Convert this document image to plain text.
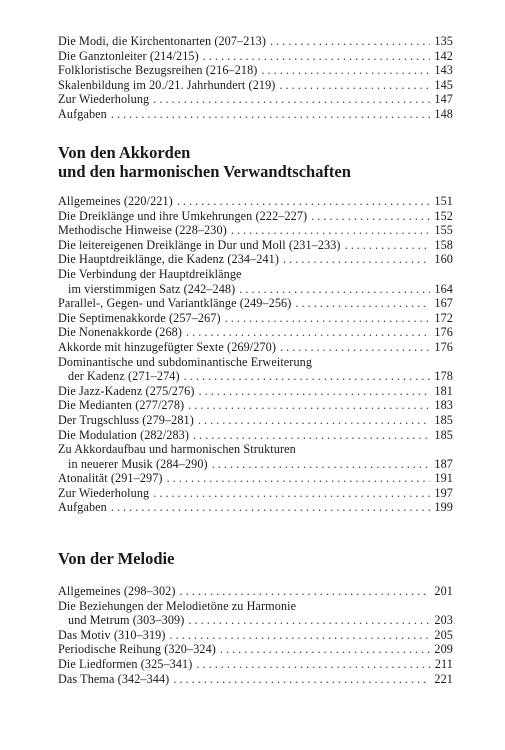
Die Modi, die Kirchentonarten (207–213) . . .	135
Die Ganztonleiter (214/215) . . .	142
Folkloristische Bezugsreihen (216–218) . . .	143
Skalenbildung im 20./21. Jahrhundert (219) . . .	145
Zur Wiederholung . . .	147
Aufgaben . . .	148
Von den Akkorden
und den harmonischen Verwandtschaften
Allgemeines (220/221) . . .	151
Die Dreiklänge und ihre Umkehrungen (222–227) . . .	152
Methodische Hinweise (228–230) . . .	155
Die leitereigenen Dreiklänge in Dur und Moll (231–233) . . .	158
Die Hauptdreiklänge, die Kadenz (234–241) . . .	160
Die Verbindung der Hauptdreiklänge
im vierstimmigen Satz (242–248) . . .	164
Parallel-, Gegen- und Variantklänge (249–256) . . .	167
Die Septimenakkorde (257–267) . . .	172
Die Nonenakkorde (268) . . .	176
Akkorde mit hinzugefügter Sexte (269/270) . . .	176
Dominantische und subdominantische Erweiterung
der Kadenz (271–274) . . .	178
Die Jazz-Kadenz (275/276) . . .	181
Die Medianten (277/278) . . .	183
Der Trugschluss (279–281) . . .	185
Die Modulation (282/283) . . .	185
Zu Akkordaufbau und harmonischen Strukturen
in neuerer Musik (284–290) . . .	187
Atonalität (291–297) . . .	191
Zur Wiederholung . . .	197
Aufgaben . . .	199
Von der Melodie
Allgemeines (298–302) . . .	201
Die Beziehungen der Melodietöne zu Harmonie
und Metrum (303–309) . . .	203
Das Motiv (310–319) . . .	205
Periodische Reihung (320–324) . . .	209
Die Liedformen (325–341) . . .	211
Das Thema (342–344) . . .	221
